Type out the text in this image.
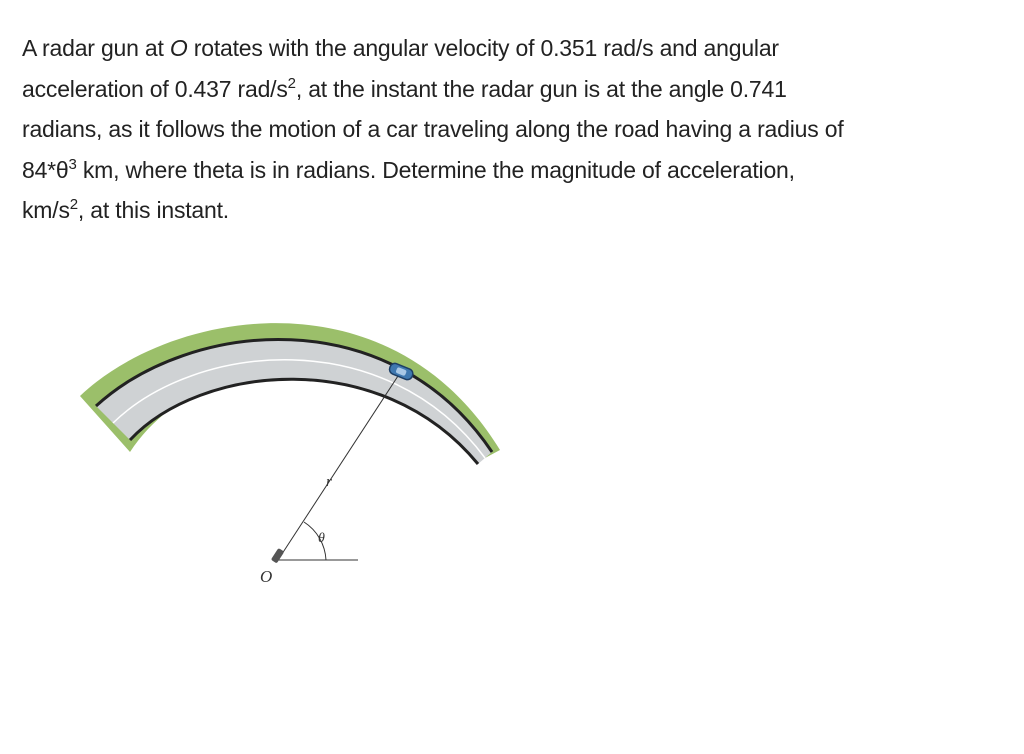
A radar gun at O rotates with the angular velocity of 0.351 rad/s and angular
acceleration of 0.437 rad/$s^2$, at the instant the radar gun is at the angle 0.741
radians, as it follows the motion of a car traveling along the road having a radius of
$84*\theta^3$ km, where theta is in radians. Determine the magnitude of acceleration,
$km/s^2$, at this instant.
O
r
θ
